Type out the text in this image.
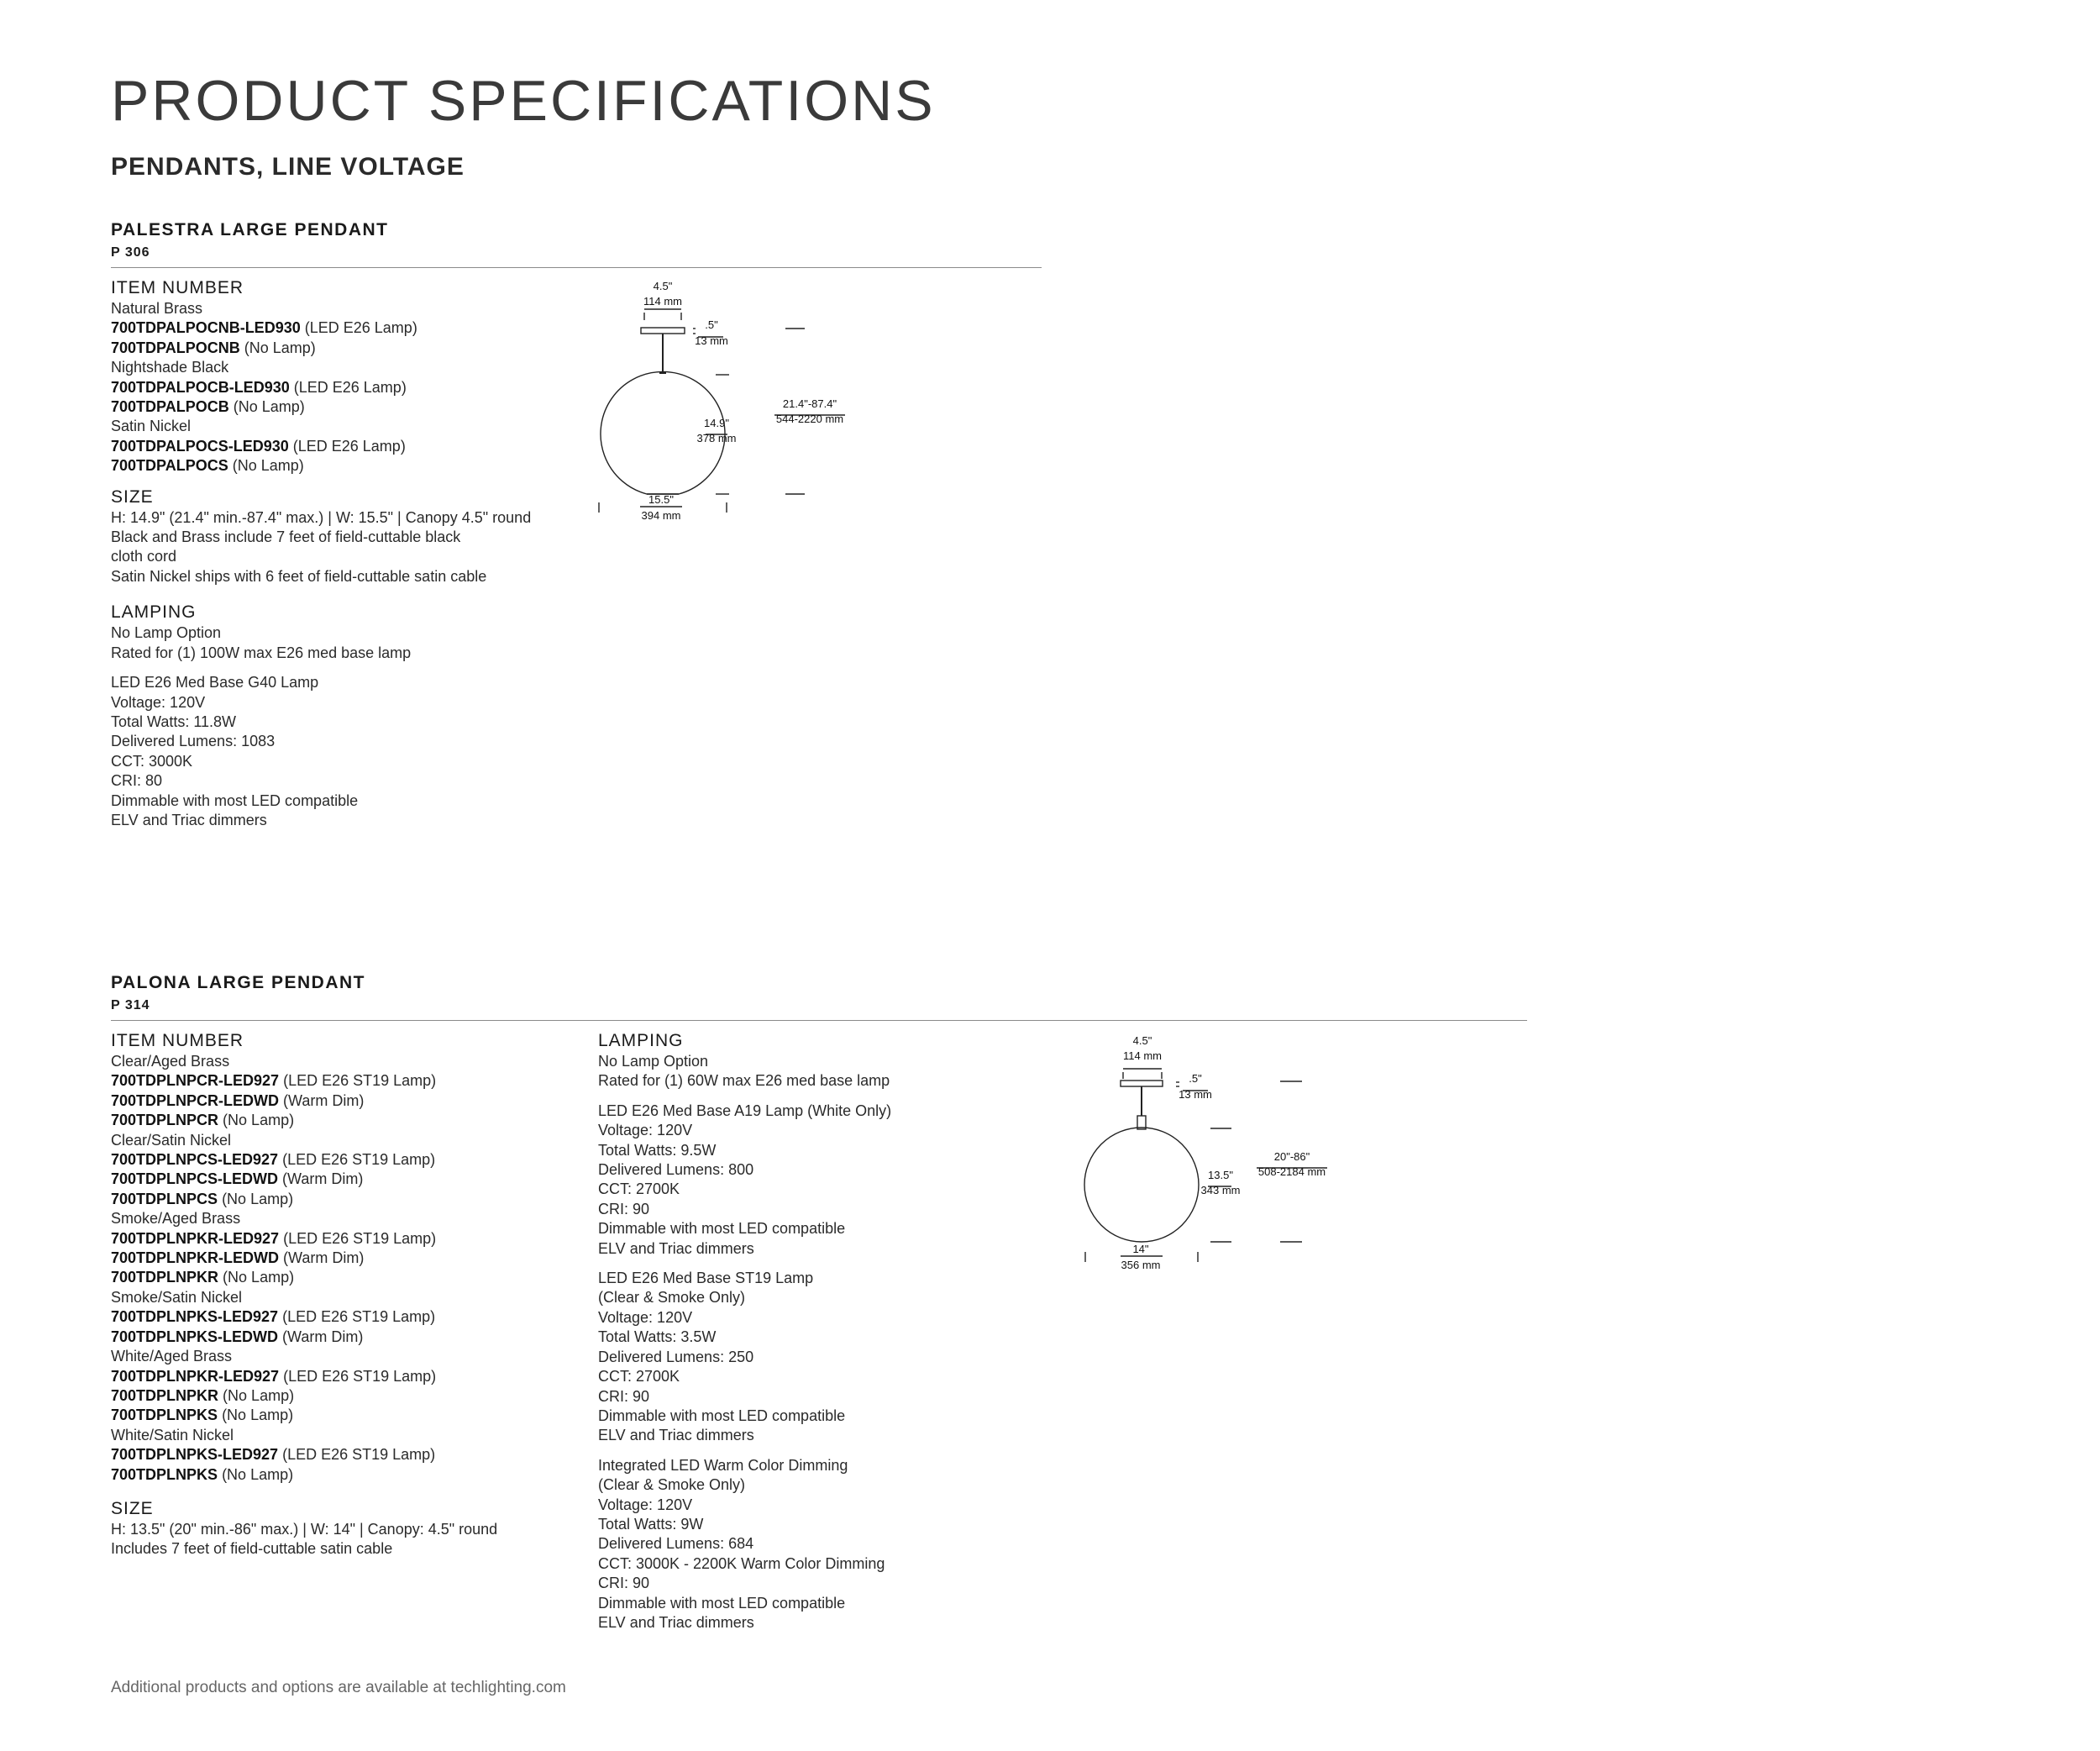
PRODUCT SPECIFICATIONS
PENDANTS, LINE VOLTAGE
PALESTRA LARGE PENDANT
P 306
ITEM NUMBER
Natural Brass
700TDPALPOCNB-LED930 (LED E26 Lamp)
700TDPALPOCNB (No Lamp)
Nightshade Black
700TDPALPOCB-LED930 (LED E26 Lamp)
700TDPALPOCB (No Lamp)
Satin Nickel
700TDPALPOCS-LED930 (LED E26 Lamp)
700TDPALPOCS (No Lamp)
SIZE
H: 14.9" (21.4" min.-87.4" max.) | W: 15.5" | Canopy 4.5" round
Black and Brass include 7 feet of field-cuttable black
cloth cord
Satin Nickel ships with 6 feet of field-cuttable satin cable
LAMPING
No Lamp Option
Rated for (1) 100W max E26 med base lamp
LED E26 Med Base G40 Lamp
Voltage: 120V
Total Watts: 11.8W
Delivered Lumens: 1083
CCT: 3000K
CRI: 80
Dimmable with most LED compatible
ELV and Triac dimmers
4.5"
114 mm
.5"
13 mm
21.4"-87.4"
544-2220 mm
14.9"
378 mm
15.5"
394 mm
PALONA LARGE PENDANT
P 314
ITEM NUMBER
Clear/Aged Brass
700TDPLNPCR-LED927 (LED E26 ST19 Lamp)
700TDPLNPCR-LEDWD (Warm Dim)
700TDPLNPCR (No Lamp)
Clear/Satin Nickel
700TDPLNPCS-LED927 (LED E26 ST19 Lamp)
700TDPLNPCS-LEDWD (Warm Dim)
700TDPLNPCS (No Lamp)
Smoke/Aged Brass
700TDPLNPKR-LED927 (LED E26 ST19 Lamp)
700TDPLNPKR-LEDWD (Warm Dim)
700TDPLNPKR (No Lamp)
Smoke/Satin Nickel
700TDPLNPKS-LED927 (LED E26 ST19 Lamp)
700TDPLNPKS-LEDWD (Warm Dim)
White/Aged Brass
700TDPLNPKR-LED927 (LED E26 ST19 Lamp)
700TDPLNPKR (No Lamp)
700TDPLNPKS (No Lamp)
White/Satin Nickel
700TDPLNPKS-LED927 (LED E26 ST19 Lamp)
700TDPLNPKS (No Lamp)
SIZE
H: 13.5" (20" min.-86" max.) | W: 14" | Canopy: 4.5" round
Includes 7 feet of field-cuttable satin cable
LAMPING
No Lamp Option
Rated for (1) 60W max E26 med base lamp
LED E26 Med Base A19 Lamp (White Only)
Voltage: 120V
Total Watts: 9.5W
Delivered Lumens: 800
CCT: 2700K
CRI: 90
Dimmable with most LED compatible
ELV and Triac dimmers
LED E26 Med Base ST19 Lamp
(Clear & Smoke Only)
Voltage: 120V
Total Watts: 3.5W
Delivered Lumens: 250
CCT: 2700K
CRI: 90
Dimmable with most LED compatible
ELV and Triac dimmers
Integrated LED Warm Color Dimming
(Clear & Smoke Only)
Voltage: 120V
Total Watts: 9W
Delivered Lumens: 684
CCT: 3000K - 2200K Warm Color Dimming
CRI: 90
Dimmable with most LED compatible
ELV and Triac dimmers
4.5"
114 mm
.5"
13 mm
20"-86"
508-2184 mm
13.5"
343 mm
14"
356 mm
Additional products and options are available at techlighting.com
